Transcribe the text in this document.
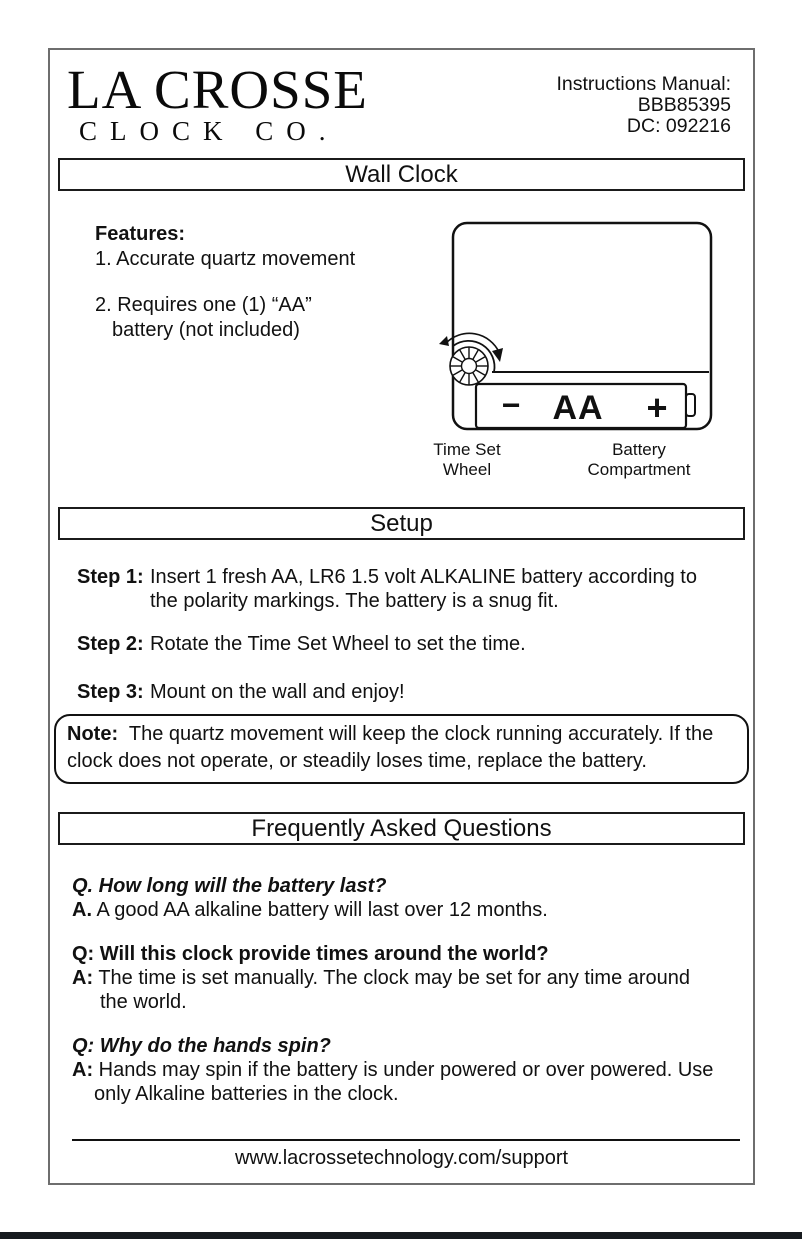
LA CROSSE
CLOCK CO.
Instructions Manual:
BBB85395
DC: 092216
Wall Clock
Features:
1. Accurate quartz movement
2. Requires one (1) “AA”
battery (not included)
− AA +
Time Set
Wheel
Battery
Compartment
Setup
Step 1: Insert 1 fresh AA, LR6 1.5 volt ALKALINE battery according to
the polarity markings. The battery is a snug fit.
Step 2: Rotate the Time Set Wheel to set the time.
Step 3: Mount on the wall and enjoy!
Note: The quartz movement will keep the clock running accurately. If the
clock does not operate, or steadily loses time, replace the battery.
Frequently Asked Questions
Q. How long will the battery last?
A. A good AA alkaline battery will last over 12 months.
Q: Will this clock provide times around the world?
A: The time is set manually. The clock may be set for any time around
the world.
Q: Why do the hands spin?
A: Hands may spin if the battery is under powered or over powered. Use
only Alkaline batteries in the clock.
www.lacrossetechnology.com/support
